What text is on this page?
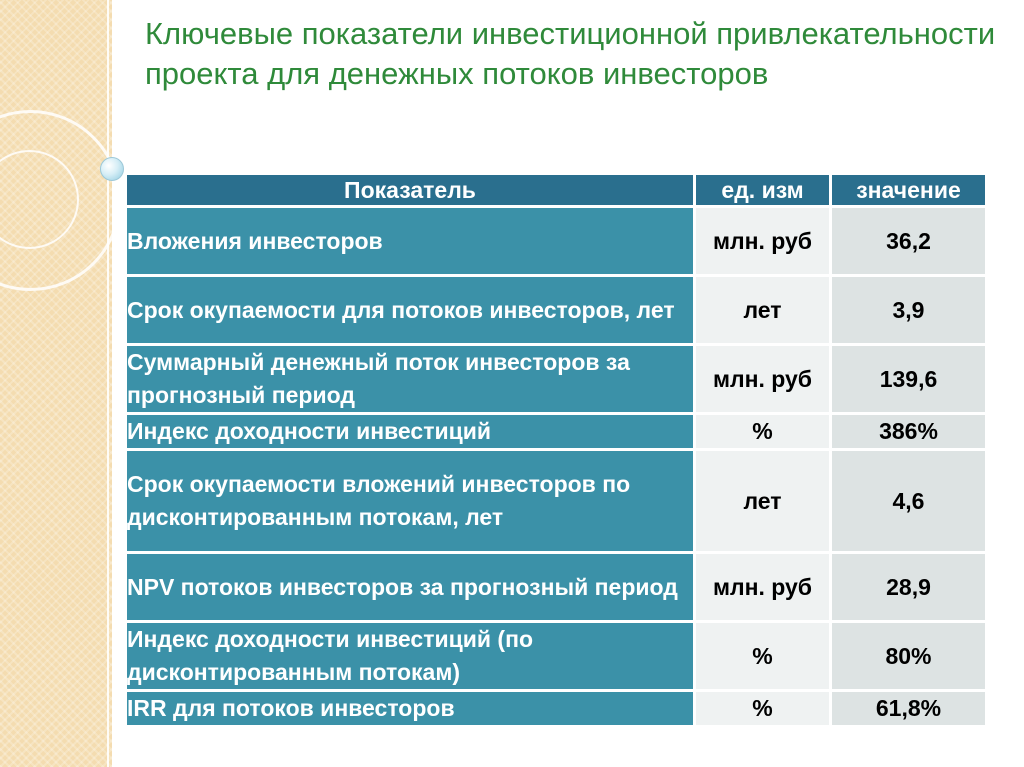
Ключевые показатели инвестиционной привлекательности проекта для денежных потоков инвесторов
Показатель	ед. изм	значение
Вложения инвесторов	млн. руб	36,2
Срок окупаемости для потоков инвесторов, лет	лет	3,9
Суммарный денежный поток инвесторов за прогнозный период	млн. руб	139,6
Индекс доходности инвестиций	%	386%
Срок окупаемости вложений инвесторов по дисконтированным потокам, лет	лет	4,6
NPV потоков инвесторов за прогнозный период	млн. руб	28,9
Индекс доходности инвестиций (по дисконтированным потокам)	%	80%
IRR для потоков инвесторов	%	61,8%
